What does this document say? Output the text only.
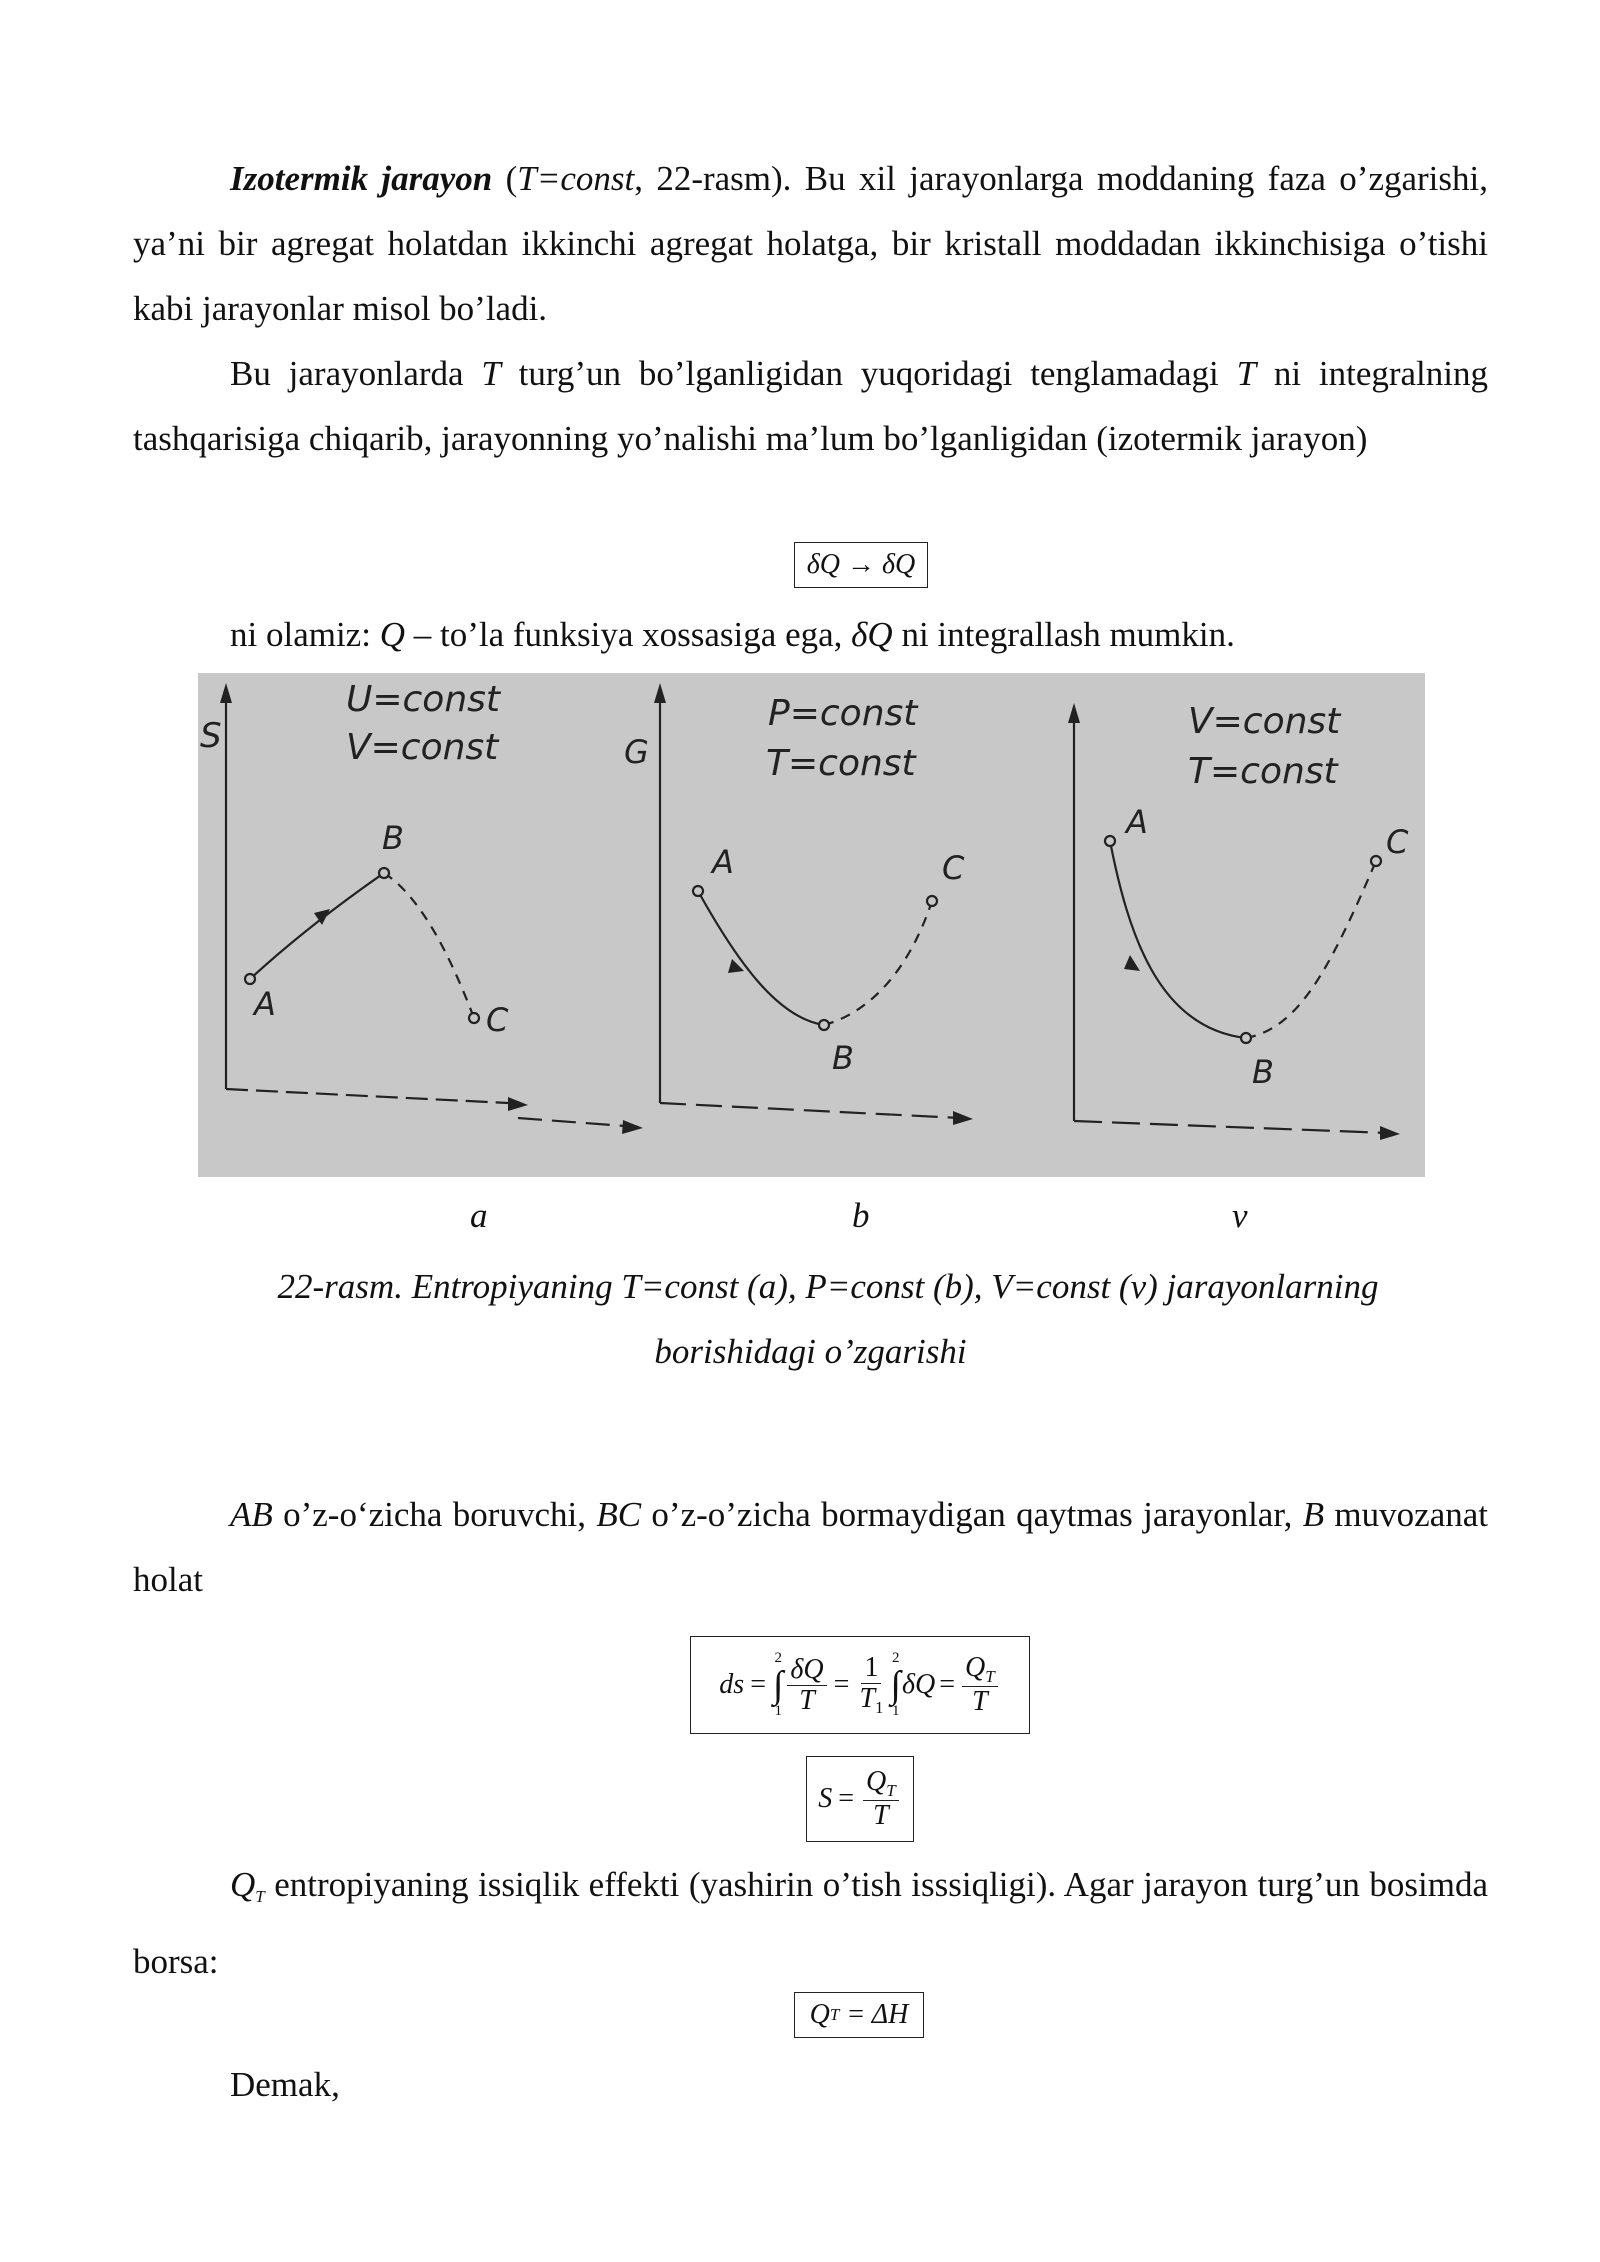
Izotermik jarayon (T=const, 22-rasm). Bu xil jarayonlarga moddaning faza o’zgarishi, ya’ni bir agregat holatdan ikkinchi agregat holatga, bir kristall moddadan ikkinchisiga o’tishi kabi jarayonlar misol bo’ladi.

Bu jarayonlarda T turg’un bo’lganligidan yuqoridagi tenglamadagi T ni integralning tashqarisiga chiqarib, jarayonning yo’nalishi ma’lum bo’lganligidan (izotermik jarayon)

δQ → δQ

ni olamiz: Q – to’la funksiya xossasiga ega, δQ ni integrallash mumkin.

S
U=const
V=const
A
B
C
G
P=const
T=const
A
B
C
V=const
T=const
A
B
C
a	b	v
22-rasm. Entropiyaning T=const (a), P=const (b), V=const (v) jarayonlarning
borishidagi o’zgarishi

AB o’z-o‘zicha boruvchi, BC o’z-o’zicha bormaydigan qaytmas jarayonlar, B muvozanat holat

ds =
2
∫
$1 \frac{\delta Q}{T} = \frac{1}{T_1} 2$
∫
1
$\delta Q = \frac{Q_T}{T}$
$S = \frac{Q_T}{T}$

$Q_T$ entropiyaning issiqlik effekti (yashirin o’tish isssiqligi). Agar jarayon turg’un bosimda borsa:

Q T = ΔH

Demak,
